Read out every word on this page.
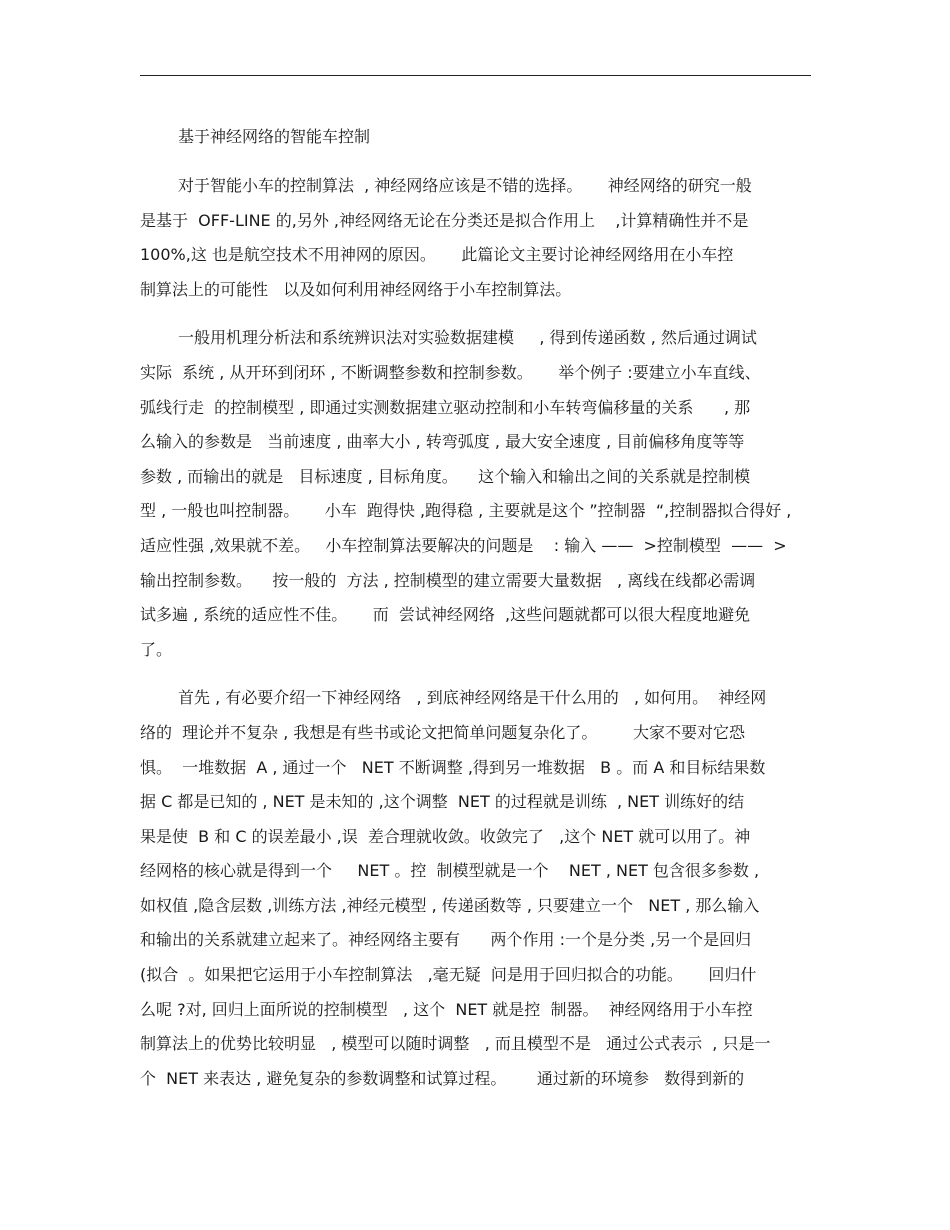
基于神经网络的智能车控制

对于智能小车的控制算法  , 神经网络应该是不错的选择。     神经网络的研究一般
是基于  OFF-LINE 的,另外 ,神经网络无论在分类还是拟合作用上    ,计算精确性并不是
100%,这 也是航空技术不用神网的原因。     此篇论文主要讨论神经网络用在小车控
制算法上的可能性   以及如何利用神经网络于小车控制算法。

一般用机理分析法和系统辨识法对实验数据建模     , 得到传递函数 , 然后通过调试
实际  系统 , 从开环到闭环 , 不断调整参数和控制参数。     举个例子 :要建立小车直线、
弧线行走  的控制模型 , 即通过实测数据建立驱动控制和小车转弯偏移量的关系      , 那
么输入的参数是   当前速度 , 曲率大小 , 转弯弧度 , 最大安全速度 , 目前偏移角度等等
参数 , 而输出的就是   目标速度 , 目标角度。    这个输入和输出之间的关系就是控制模
型 , 一般也叫控制器。     小车  跑得快 ,跑得稳 , 主要就是这个 ”控制器  “,控制器拟合得好 ,
适应性强 ,效果就不差。   小车控制算法要解决的问题是    : 输入 ——  >控制模型  ——  >
输出控制参数。    按一般的  方法 , 控制模型的建立需要大量数据   , 离线在线都必需调
试多遍 , 系统的适应性不佳。     而  尝试神经网络  ,这些问题就都可以很大程度地避免
了。

首先 , 有必要介绍一下神经网络   , 到底神经网络是干什么用的   , 如何用。  神经网
络的  理论并不复杂 , 我想是有些书或论文把简单问题复杂化了。       大家不要对它恐
惧。  一堆数据  A , 通过一个   NET 不断调整 ,得到另一堆数据   B 。而 A 和目标结果数
据 C 都是已知的 , NET 是未知的 ,这个调整  NET 的过程就是训练  , NET 训练好的结
果是使  B 和 C 的误差最小 ,误  差合理就收敛。收敛完了   ,这个 NET 就可以用了。神
经网格的核心就是得到一个     NET 。控  制模型就是一个    NET , NET 包含很多参数 ,
如权值 ,隐含层数 ,训练方法 ,神经元模型 , 传递函数等 , 只要建立一个   NET , 那么输入
和输出的关系就建立起来了。神经网络主要有      两个作用 :一个是分类 ,另一个是回归
(拟合  。如果把它运用于小车控制算法   ,毫无疑  问是用于回归拟合的功能。     回归什
么呢 ?对, 回归上面所说的控制模型   , 这个  NET 就是控  制器。  神经网络用于小车控
制算法上的优势比较明显   , 模型可以随时调整   , 而且模型不是   通过公式表示  , 只是一
个  NET 来表达 , 避免复杂的参数调整和试算过程。      通过新的环境参   数得到新的
